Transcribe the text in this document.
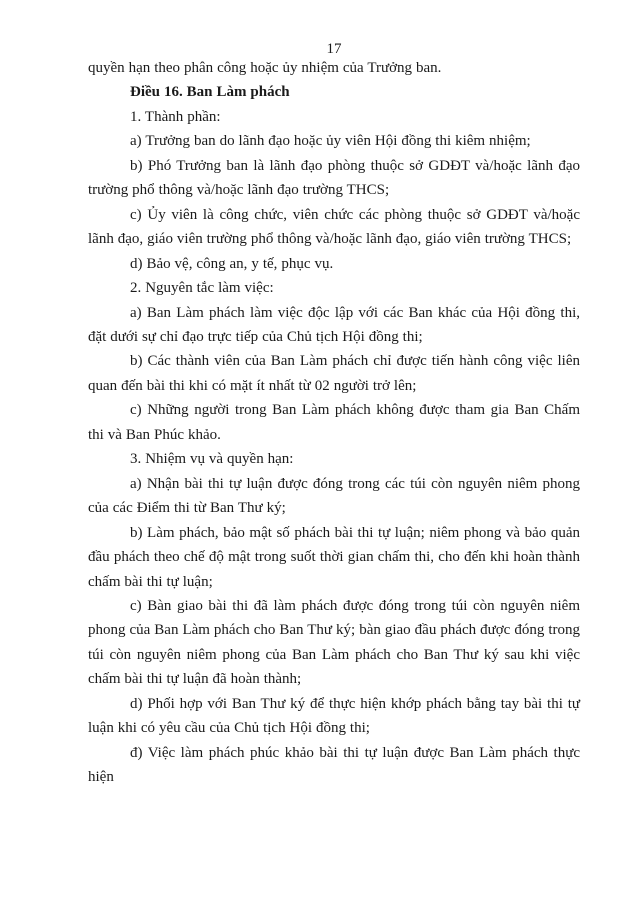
17

quyền hạn theo phân công hoặc ủy nhiệm của Trưởng ban.

Điều 16. Ban Làm phách

1. Thành phần:

a) Trưởng ban do lãnh đạo hoặc ủy viên Hội đồng thi kiêm nhiệm;

b) Phó Trưởng ban là lãnh đạo phòng thuộc sở GDĐT và/hoặc lãnh đạo trường phổ thông và/hoặc lãnh đạo trường THCS;

c) Ủy viên là công chức, viên chức các phòng thuộc sở GDĐT và/hoặc lãnh đạo, giáo viên trường phổ thông và/hoặc lãnh đạo, giáo viên trường THCS;

d) Bảo vệ, công an, y tế, phục vụ.

2. Nguyên tắc làm việc:

a) Ban Làm phách làm việc độc lập với các Ban khác của Hội đồng thi, đặt dưới sự chỉ đạo trực tiếp của Chủ tịch Hội đồng thi;

b) Các thành viên của Ban Làm phách chỉ được tiến hành công việc liên quan đến bài thi khi có mặt ít nhất từ 02 người trở lên;

c) Những người trong Ban Làm phách không được tham gia Ban Chấm thi và Ban Phúc khảo.

3. Nhiệm vụ và quyền hạn:

a) Nhận bài thi tự luận được đóng trong các túi còn nguyên niêm phong của các Điểm thi từ Ban Thư ký;

b) Làm phách, bảo mật số phách bài thi tự luận; niêm phong và bảo quản đầu phách theo chế độ mật trong suốt thời gian chấm thi, cho đến khi hoàn thành chấm bài thi tự luận;

c) Bàn giao bài thi đã làm phách được đóng trong túi còn nguyên niêm phong của Ban Làm phách cho Ban Thư ký; bàn giao đầu phách được đóng trong túi còn nguyên niêm phong của Ban Làm phách cho Ban Thư ký sau khi việc chấm bài thi tự luận đã hoàn thành;

d) Phối hợp với Ban Thư ký để thực hiện khớp phách bằng tay bài thi tự luận khi có yêu cầu của Chủ tịch Hội đồng thi;

đ) Việc làm phách phúc khảo bài thi tự luận được Ban Làm phách thực hiện
